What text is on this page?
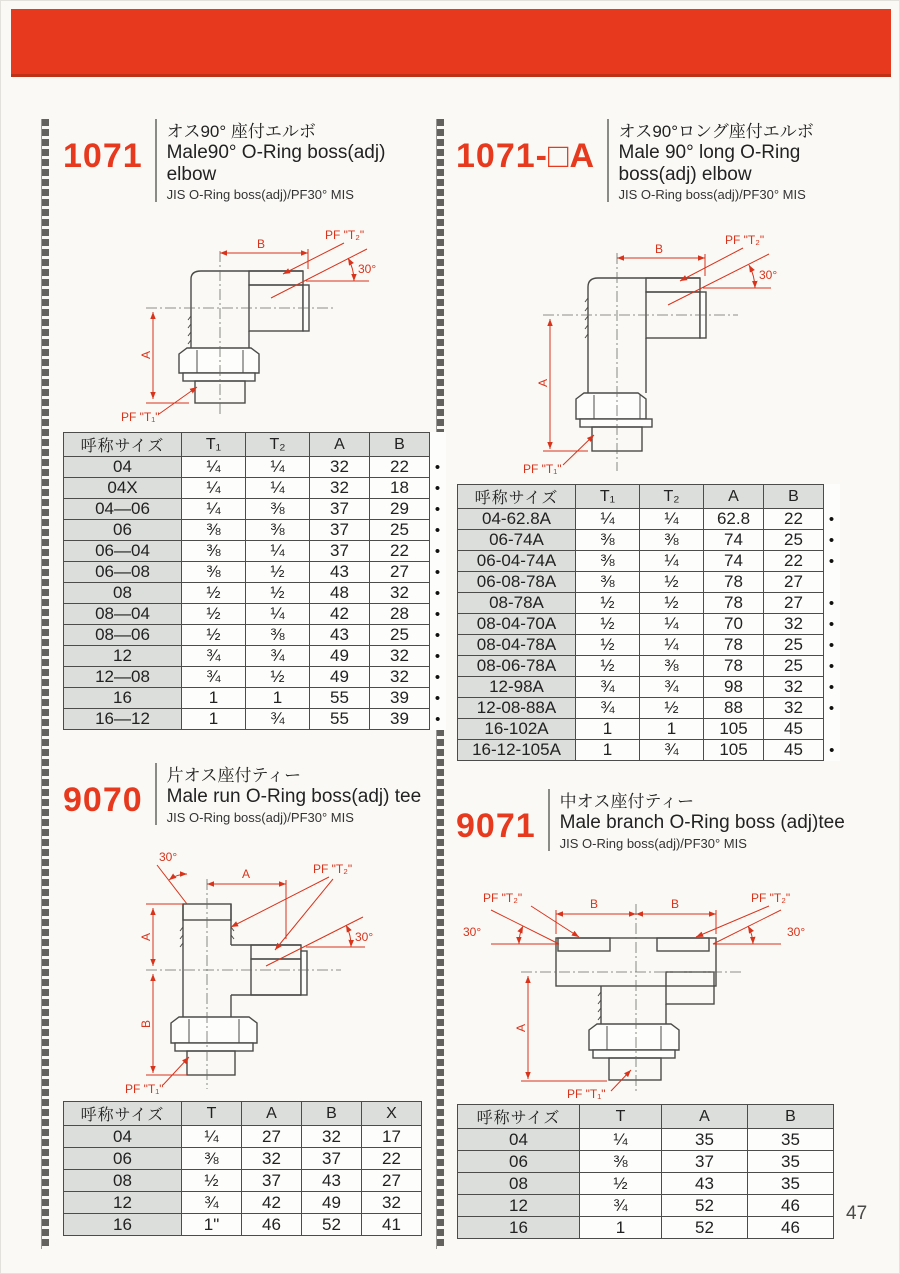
1071
オス90° 座付エルボ
Male90° O-Ring boss(adj) elbow
JIS O-Ring boss(adj)/PF30° MIS
1071-□A
オス90°ロング座付エルボ
Male 90° long O-Ring boss(adj) elbow
JIS O-Ring boss(adj)/PF30° MIS
B
PF "T₂"
30°
A
PF "T₁"
B
PF "T₂"
30°
A
PF "T₁"
9070
片オス座付ティー
Male run O-Ring boss(adj) tee
JIS O-Ring boss(adj)/PF30° MIS	9071
中オス座付ティー
Male branch O-Ring boss (adj)tee
JIS O-Ring boss(adj)/PF30° MIS
30°
A	PF "T₂"
30°
A
B
PF "T₁"
B	B
PF "T₂"	PF "T₂"
30°	30°
A
PF "T₁"
呼称サイズ	T₁	T₂	A	B	
04	¼	¼	32	22	•
04X	¼	¼	32	18	•
04—06	¼	⅜	37	29	•
06	⅜	⅜	37	25	•
06—04	⅜	¼	37	22	•
06—08	⅜	½	43	27	•
08	½	½	48	32	•
08—04	½	¼	42	28	•
08—06	½	⅜	43	25	•
12	¾	¾	49	32	•
12—08	¾	½	49	32	•
16	1	1	55	39	•
16—12	1	¾	55	39	•
呼称サイズ	T₁	T₂	A	B	
04-62.8A	¼	¼	62.8	22	•
06-74A	⅜	⅜	74	25	•
06-04-74A	⅜	¼	74	22	•
06-08-78A	⅜	½	78	27	
08-78A	½	½	78	27	•
08-04-70A	½	¼	70	32	•
08-04-78A	½	¼	78	25	•
08-06-78A	½	⅜	78	25	•
12-98A	¾	¾	98	32	•
12-08-88A	¾	½	88	32	•
16-102A	1	1	105	45	
16-12-105A	1	¾	105	45	•
呼称サイズ	T	A	B	X
04	¼	27	32	17
06	⅜	32	37	22
08	½	37	43	27
12	¾	42	49	32
16	1"	46	52	41
呼称サイズ	T	A	B
04	¼	35	35
06	⅜	37	35
08	½	43	35
12	¾	52	46
16	1	52	46
47
